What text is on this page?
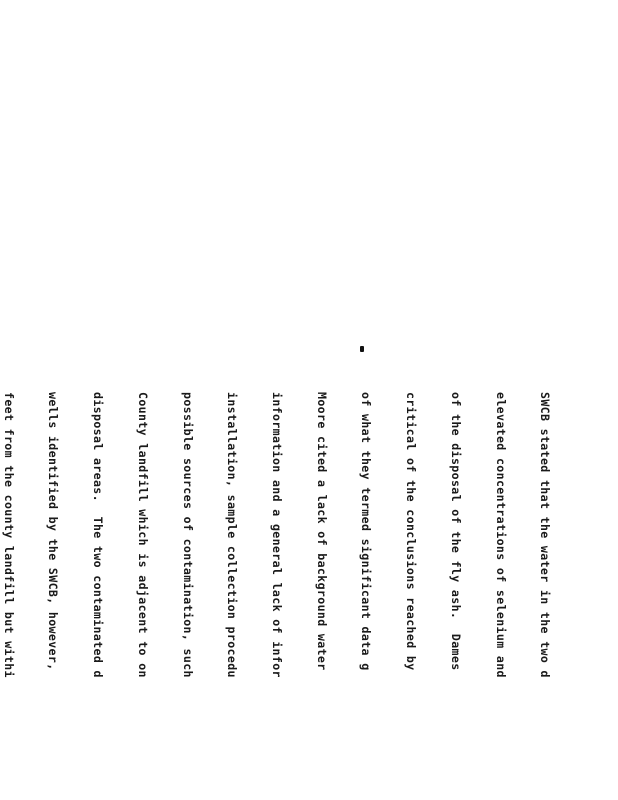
SWCB stated that the water in the two d

elevated concentrations of selenium and

of the disposal of the fly ash.  Dames

critical of the conclusions reached by

of what they termed significant data g

Moore cited a lack of background water

information and a general lack of infor

installation, sample collection procedu

possible sources of contamination, such

County landfill which is adjacent to on

disposal areas.  The two contaminated d

wells identified by the SWCB, however,

feet from the county landfill but withi
